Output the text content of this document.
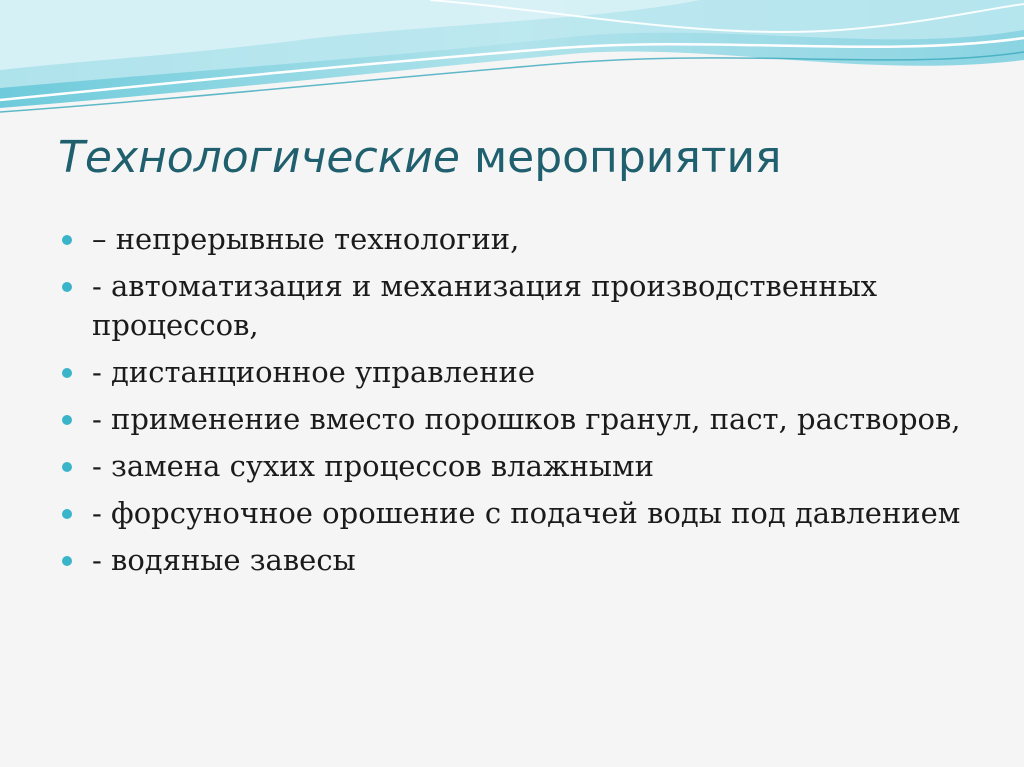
Технологические мероприятия
– непрерывные технологии,
- автоматизация и механизация производственных процессов,
- дистанционное управление
- применение вместо порошков гранул, паст, растворов,
- замена сухих процессов влажными
- форсуночное орошение с подачей воды под давлением
- водяные завесы
